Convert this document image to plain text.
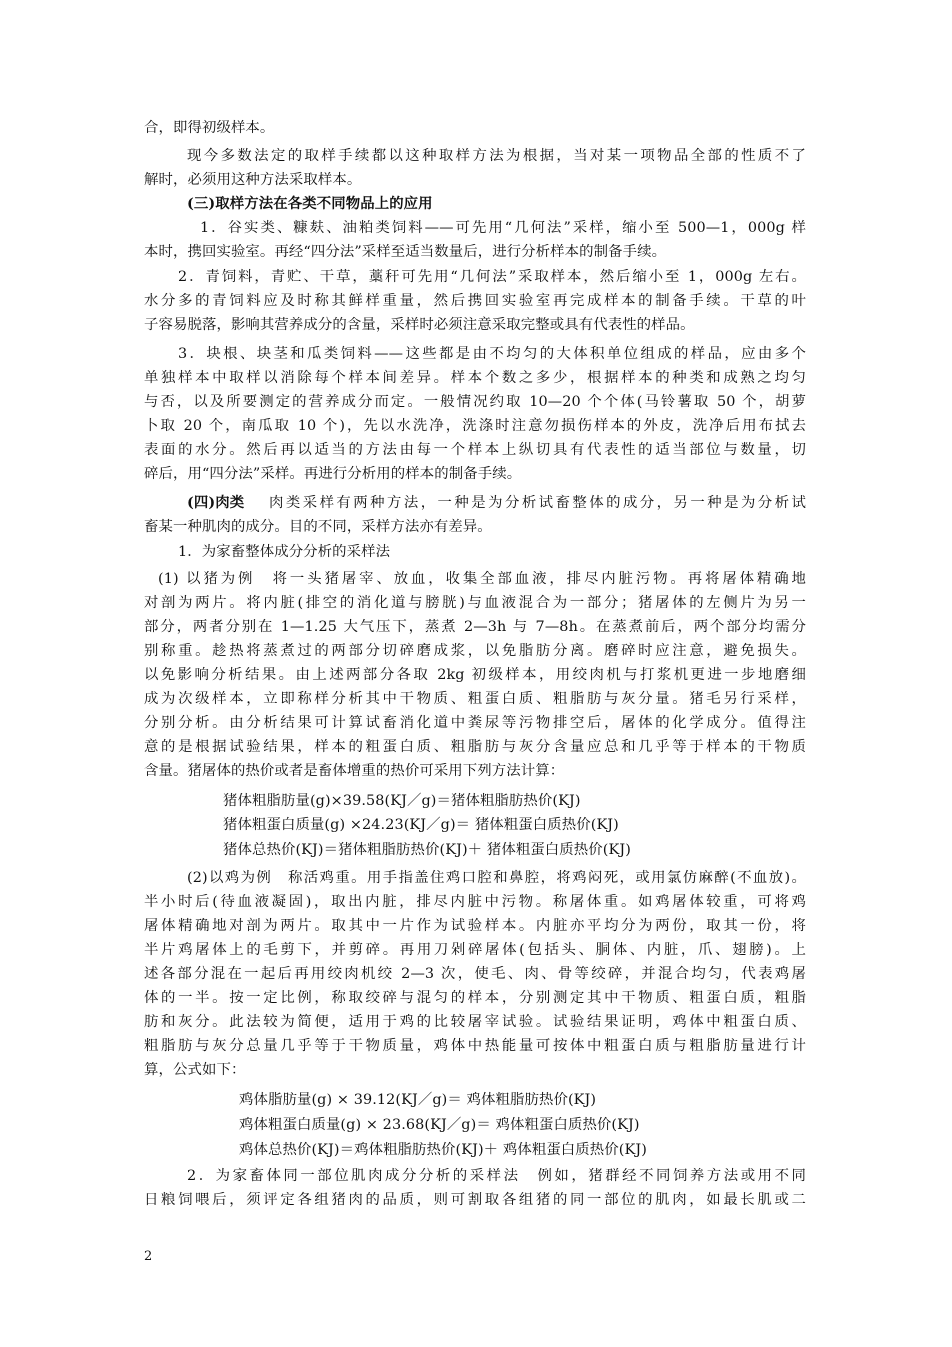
合，即得初级样本。
现今多数法定的取样手续都以这种取样方法为根据，当对某一项物品全部的性质不了
解时，必须用这种方法采取样本。
(三)取样方法在各类不同物品上的应用
1．谷实类、糠麸、油粕类饲料——可先用“几何法”采样，缩小至 500—1，000g 样
本时，携回实验室。再经“四分法”采样至适当数量后，进行分析样本的制备手续。
2．青饲料，青贮、干草，藁秆可先用“几何法”采取样本，然后缩小至 1，000g 左右。
水分多的青饲料应及时称其鲜样重量，然后携回实验室再完成样本的制备手续。干草的叶
子容易脱落，影响其营养成分的含量，采样时必须注意采取完整或具有代表性的样品。
3．块根、块茎和瓜类饲料——这些都是由不均匀的大体积单位组成的样品，应由多个
单独样本中取样以消除每个样本间差异。样本个数之多少，根据样本的种类和成熟之均匀
与否，以及所要测定的营养成分而定。一般情况约取 10—20 个个体(马铃薯取 50 个，胡萝
卜取 20 个，南瓜取 10 个)，先以水洗净，洗涤时注意勿损伤样本的外皮，洗净后用布拭去
表面的水分。然后再以适当的方法由每一个样本上纵切具有代表性的适当部位与数量，切
碎后，用“四分法”采样。再进行分析用的样本的制备手续。
(四)肉类 肉类采样有两种方法，一种是为分析试畜整体的成分，另一种是为分析试
畜某一种肌肉的成分。目的不同，采样方法亦有差异。
1．为家畜整体成分分析的采样法
(1) 以猪为例　将一头猪屠宰、放血，收集全部血液，排尽内脏污物。再将屠体精确地
对剖为两片。将内脏(排空的消化道与膀胱)与血液混合为一部分；猪屠体的左侧片为另一
部分，两者分别在 1—1.25 大气压下，蒸煮 2—3h 与 7—8h。在蒸煮前后，两个部分均需分
别称重。趁热将蒸煮过的两部分切碎磨成浆，以免脂肪分离。磨碎时应注意，避免损失。
以免影响分析结果。由上述两部分各取 2kg 初级样本，用绞肉机与打浆机更进一步地磨细
成为次级样本，立即称样分析其中干物质、粗蛋白质、粗脂肪与灰分量。猪毛另行采样，
分别分析。由分析结果可计算试畜消化道中粪尿等污物排空后，屠体的化学成分。值得注
意的是根据试验结果，样本的粗蛋白质、粗脂肪与灰分含量应总和几乎等于样本的干物质
含量。猪屠体的热价或者是畜体增重的热价可采用下列方法计算：
猪体粗脂肪量(g)×39.58(KJ／g)＝猪体粗脂肪热价(KJ)
猪体粗蛋白质量(g) ×24.23(KJ／g)＝ 猪体粗蛋白质热价(KJ)
猪体总热价(KJ)＝猪体粗脂肪热价(KJ)＋ 猪体粗蛋白质热价(KJ)
(2)以鸡为例　称活鸡重。用手指盖住鸡口腔和鼻腔，将鸡闷死，或用氯仿麻醉(不血放)。
半小时后(待血液凝固)，取出内脏，排尽内脏中污物。称屠体重。如鸡屠体较重，可将鸡
屠体精确地对剖为两片。取其中一片作为试验样本。内脏亦平均分为两份，取其一份，将
半片鸡屠体上的毛剪下，并剪碎。再用刀剁碎屠体(包括头、胴体、内脏，爪、翅膀)。上
述各部分混在一起后再用绞肉机绞 2—3 次，使毛、肉、骨等绞碎，并混合均匀，代表鸡屠
体的一半。按一定比例，称取绞碎与混匀的样本，分别测定其中干物质、粗蛋白质，粗脂
肪和灰分。此法较为简便，适用于鸡的比较屠宰试验。试验结果证明，鸡体中粗蛋白质、
粗脂肪与灰分总量几乎等于干物质量，鸡体中热能量可按体中粗蛋白质与粗脂肪量进行计
算，公式如下：
鸡体脂肪量(g) × 39.12(KJ／g)＝ 鸡体粗脂肪热价(KJ)
鸡体粗蛋白质量(g) × 23.68(KJ／g)＝ 鸡体粗蛋白质热价(KJ)
鸡体总热价(KJ)＝鸡体粗脂肪热价(KJ)＋ 鸡体粗蛋白质热价(KJ)
2．为家畜体同一部位肌肉成分分析的采样法　例如，猪群经不同饲养方法或用不同
日粮饲喂后，须评定各组猪肉的品质，则可割取各组猪的同一部位的肌肉，如最长肌或二
2
